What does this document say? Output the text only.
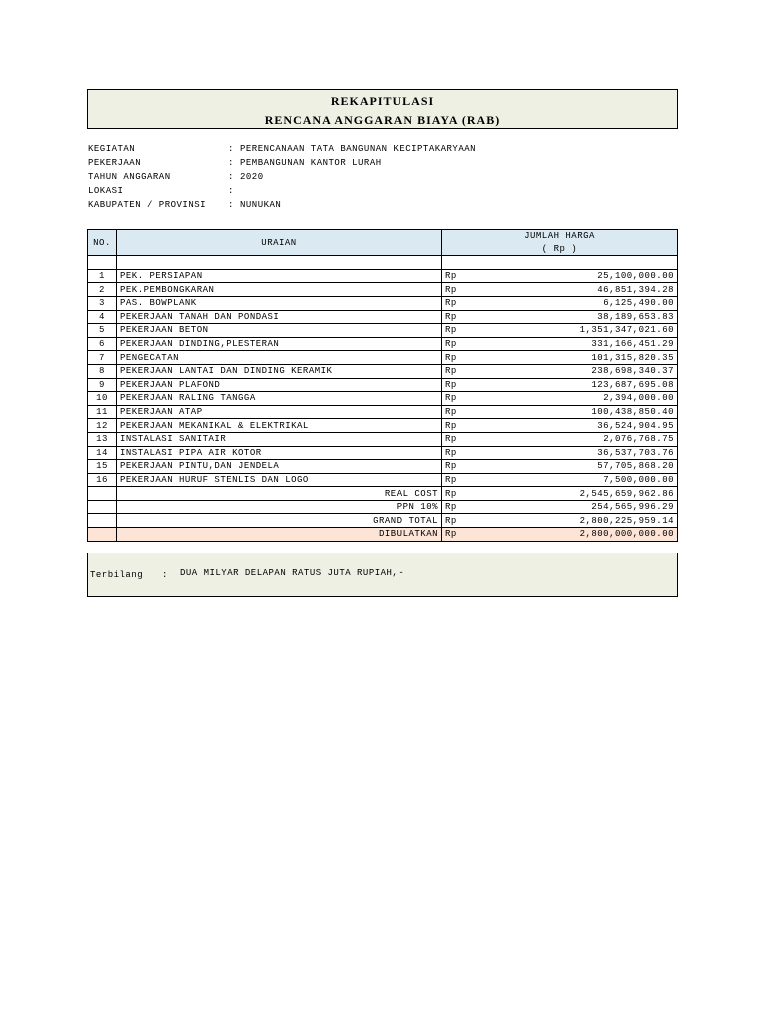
REKAPITULASI
RENCANA ANGGARAN BIAYA (RAB)
KEGIATAN	: PERENCANAAN TATA BANGUNAN KECIPTAKARYAAN
PEKERJAAN	: PEMBANGUNAN KANTOR LURAH
TAHUN ANGGARAN	: 2020
LOKASI	:
KABUPATEN / PROVINSI	: NUNUKAN
NO.	URAIAN	JUMLAH HARGA	
		( Rp )	

1	PEK. PERSIAPAN	Rp	25,100,000.00
2	PEK.PEMBONGKARAN	Rp	46,851,394.28
3	PAS. BOWPLANK	Rp	6,125,490.00
4	PEKERJAAN TANAH DAN PONDASI	Rp	38,189,653.83
5	PEKERJAAN BETON	Rp	1,351,347,021.60
6	PEKERJAAN DINDING,PLESTERAN	Rp	331,166,451.29
7	PENGECATAN	Rp	101,315,820.35
8	PEKERJAAN LANTAI DAN DINDING KERAMIK	Rp	238,698,340.37
9	PEKERJAAN PLAFOND	Rp	123,687,695.08
10	PEKERJAAN RALING TANGGA	Rp	2,394,000.00
11	PEKERJAAN ATAP	Rp	100,438,850.40
12	PEKERJAAN MEKANIKAL & ELEKTRIKAL	Rp	36,524,904.95
13	INSTALASI SANITAIR	Rp	2,076,768.75
14	INSTALASI PIPA AIR KOTOR	Rp	36,537,703.76
15	PEKERJAAN PINTU,DAN JENDELA	Rp	57,705,868.20
16	PEKERJAAN HURUF STENLIS DAN LOGO	Rp	7,500,000.00
	REAL COST	Rp	2,545,659,962.86
	PPN 10%	Rp	254,565,996.29
	GRAND TOTAL	Rp	2,800,225,959.14
	DIBULATKAN	Rp	2,800,000,000.00
Terbilang : DUA MILYAR DELAPAN RATUS JUTA RUPIAH,-
